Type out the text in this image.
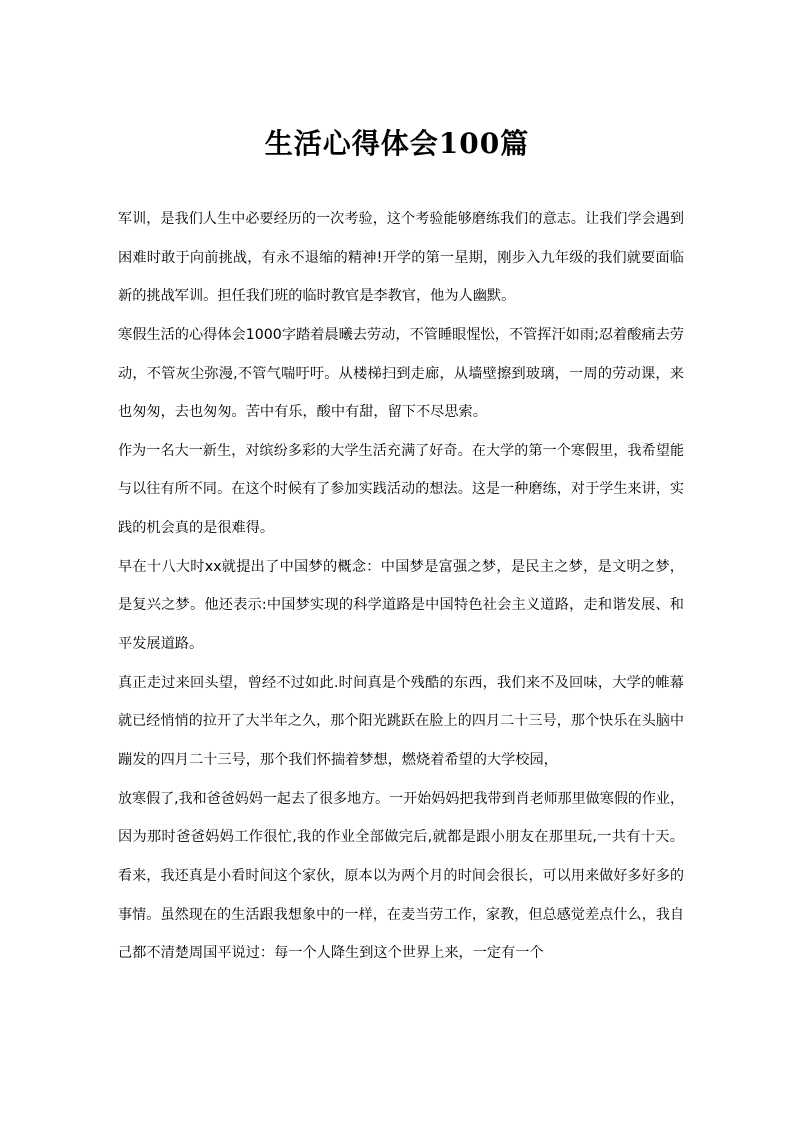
生活心得体会100篇
军训，是我们人生中必要经历的一次考验，这个考验能够磨练我们的意志。让我们学会遇到
困难时敢于向前挑战，有永不退缩的精神!开学的第一星期，刚步入九年级的我们就要面临
新的挑战军训。担任我们班的临时教官是李教官，他为人幽默。
寒假生活的心得体会1000字踏着晨曦去劳动，不管睡眼惺忪，不管挥汗如雨;忍着酸痛去劳
动，不管灰尘弥漫,不管气喘吁吁。从楼梯扫到走廊，从墙壁擦到玻璃，一周的劳动课，来
也匆匆，去也匆匆。苦中有乐，酸中有甜，留下不尽思索。
作为一名大一新生，对缤纷多彩的大学生活充满了好奇。在大学的第一个寒假里，我希望能
与以往有所不同。在这个时候有了参加实践活动的想法。这是一种磨练，对于学生来讲，实
践的机会真的是很难得。
早在十八大时xx就提出了中国梦的概念：中国梦是富强之梦，是民主之梦，是文明之梦，
是复兴之梦。他还表示:中国梦实现的科学道路是中国特色社会主义道路，走和谐发展、和
平发展道路。
真正走过来回头望，曾经不过如此.时间真是个残酷的东西，我们来不及回味，大学的帷幕
就已经悄悄的拉开了大半年之久，那个阳光跳跃在脸上的四月二十三号，那个快乐在头脑中
蹦发的四月二十三号，那个我们怀揣着梦想，燃烧着希望的大学校园，
放寒假了,我和爸爸妈妈一起去了很多地方。一开始妈妈把我带到肖老师那里做寒假的作业，
因为那时爸爸妈妈工作很忙,我的作业全部做完后,就都是跟小朋友在那里玩,一共有十天。
看来，我还真是小看时间这个家伙，原本以为两个月的时间会很长，可以用来做好多好多的
事情。虽然现在的生活跟我想象中的一样，在麦当劳工作，家教，但总感觉差点什么，我自
己都不清楚周国平说过：每一个人降生到这个世界上来，一定有一个
